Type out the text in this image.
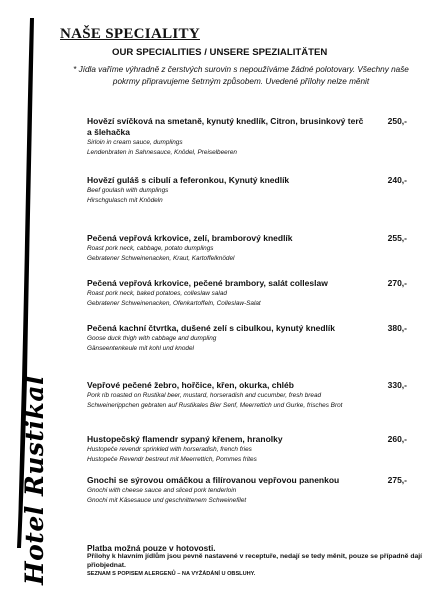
Hotel Rustikal
NAŠE SPECIALITY
OUR SPECIALITIES / UNSERE SPEZIALITÄTEN
* Jídla vaříme výhradně z čerstvých surovin s nepoužíváme žádné polotovary. Všechny naše pokrmy připravujeme šetrným způsobem. Uvedené přílohy nelze měnit
Hovězí svíčková na smetaně, kynutý knedlík, Citron, brusinkový terč a šlehačka
250,-
Sirloin in cream sauce, dumplings
Lendenbraten in Sahnesauce, Knödel, Preiselbeeren
Hovězí guláš s cibulí a feferonkou, Kynutý knedlík	240,-
Beef goulash with dumplings
Hirschgulasch mit Knödeln
Pečená vepřová krkovice, zelí, bramborový knedlík	255,-
Roast pork neck, cabbage, potato dumplings
Gebratener Schweinenacken, Kraut, Kartoffelknödel
Pečená vepřová krkovice, pečené brambory, salát colleslaw	270,-
Roast pork neck, baked potatoes, colleslaw salad
Gebratener Schweinenacken, Ofenkartoffeln, Colleslaw-Salat
Pečená kachní čtvrtka, dušené zelí s cibulkou, kynutý knedlík	380,-
Goose duck thigh with cabbage and dumpling
Gänseentenkeule mit kohl und knodel
Vepřové pečené žebro, hořčice, křen, okurka, chléb	330,-
Pork rib roasted on Rustikal beer, mustard, horseradish and cucumber, fresh bread
Schweinerippchen gebraten auf Rustikales Bier Senf, Meerrettich und Gurke, frisches Brot
Hustopečský flamendr sypaný křenem, hranolky	260,-
Hustopeče revendr sprinkled with horseradish, french fries
Hustopeče Revendr bestreut mit Meerrettich, Pommes frites
Gnochi se sýrovou omáčkou a filírovanou vepřovou panenkou	275,-
Gnochi with cheese sauce and sliced pork tenderloin
Gnochi mit Käsesauce und geschnittenem Schweinefilet
Platba možná pouze v hotovosti.
Přílohy k hlavním jídlům jsou pevně nastavené v receptuře, nedají se tedy měnit, pouze se případně dají přiobjednat.
SEZNAM S POPISEM ALERGENŮ – NA VYŽÁDÁNÍ U OBSLUHY.
